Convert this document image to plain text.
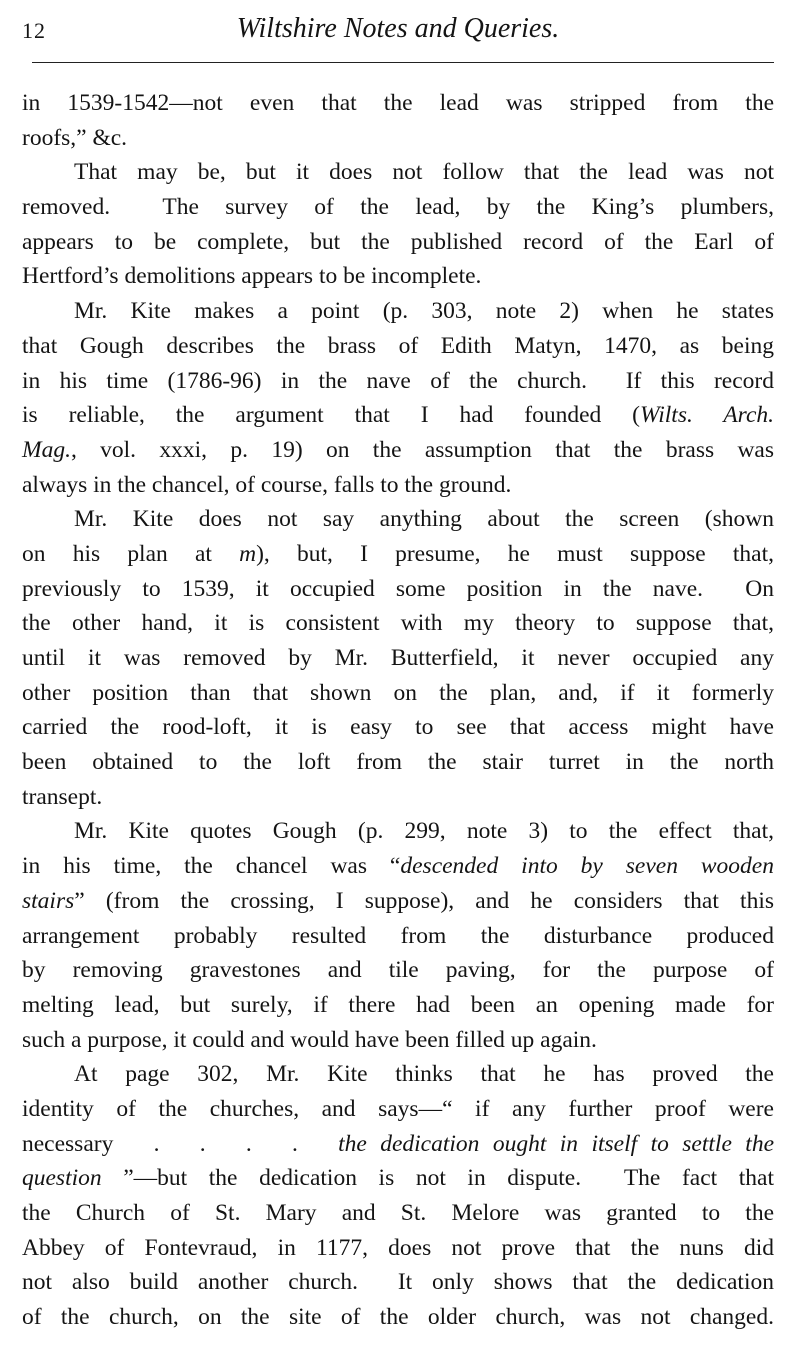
12	Wiltshire Notes and Queries.
in 1539-1542—not even that the lead was stripped from the
roofs,” &c.
That may be, but it does not follow that the lead was not
removed.  The survey of the lead, by the King’s plumbers,
appears to be complete, but the published record of the Earl of
Hertford’s demolitions appears to be incomplete.
Mr. Kite makes a point (p. 303, note 2) when he states
that Gough describes the brass of Edith Matyn, 1470, as being
in his time (1786-96) in the nave of the church.  If this record
is reliable, the argument that I had founded (Wilts. Arch.
Mag., vol. xxxi, p. 19) on the assumption that the brass was
always in the chancel, of course, falls to the ground.
Mr. Kite does not say anything about the screen (shown
on his plan at m), but, I presume, he must suppose that,
previously to 1539, it occupied some position in the nave.  On
the other hand, it is consistent with my theory to suppose that,
until it was removed by Mr. Butterfield, it never occupied any
other position than that shown on the plan, and, if it formerly
carried the rood-loft, it is easy to see that access might have
been obtained to the loft from the stair turret in the north
transept.
Mr. Kite quotes Gough (p. 299, note 3) to the effect that,
in his time, the chancel was “descended into by seven wooden
stairs” (from the crossing, I suppose), and he considers that this
arrangement probably resulted from the disturbance produced
by removing gravestones and tile paving, for the purpose of
melting lead, but surely, if there had been an opening made for
such a purpose, it could and would have been filled up again.
At page 302, Mr. Kite thinks that he has proved the
identity of the churches, and says—“ if any further proof were
necessary   .   .   .   .   the dedication ought in itself to settle the
question ”—but the dedication is not in dispute.  The fact that
the Church of St. Mary and St. Melore was granted to the
Abbey of Fontevraud, in 1177, does not prove that the nuns did
not also build another church.  It only shows that the dedication
of the church, on the site of the older church, was not changed.
